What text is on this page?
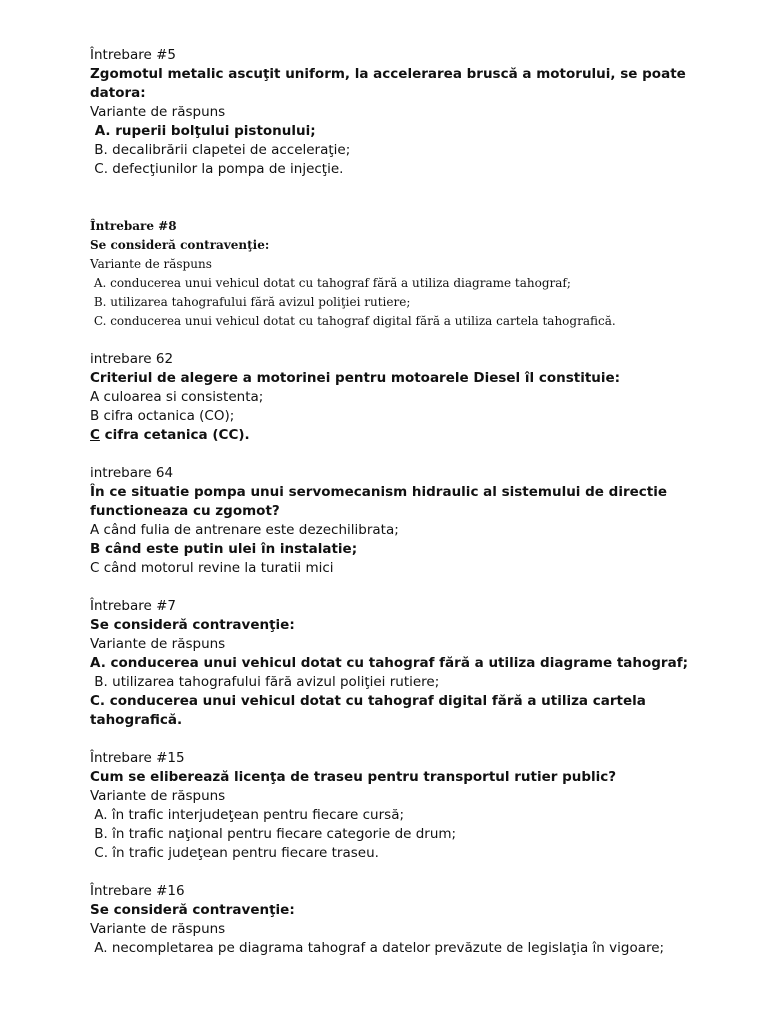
Întrebare #5
Zgomotul metalic ascuţit uniform, la accelerarea bruscă a motorului, se poate datora:
Variante de răspuns
A. ruperii bolţului pistonului;
B. decalibrării clapetei de acceleraţie;
C. defecţiunilor la pompa de injecţie.
Întrebare #8
Se consideră contravenţie:
Variante de răspuns
A. conducerea unui vehicul dotat cu tahograf fără a utiliza diagrame tahograf;
B. utilizarea tahografului fără avizul poliţiei rutiere;
C. conducerea unui vehicul dotat cu tahograf digital fără a utiliza cartela tahografică.
intrebare 62
Criteriul de alegere a motorinei pentru motoarele Diesel îl constituie:
A culoarea si consistenta;
B cifra octanica (CO);
C cifra cetanica (CC).
intrebare 64
În ce situatie pompa unui servomecanism hidraulic al sistemului de directie functioneaza cu zgomot?
A când fulia de antrenare este dezechilibrata;
B când este putin ulei în instalatie;
C când motorul revine la turatii mici
Întrebare #7
Se consideră contravenţie:
Variante de răspuns
A. conducerea unui vehicul dotat cu tahograf fără a utiliza diagrame tahograf;
B. utilizarea tahografului fără avizul poliţiei rutiere;
C. conducerea unui vehicul dotat cu tahograf digital fără a utiliza cartela tahografică.
Întrebare #15
Cum se eliberează licenţa de traseu pentru transportul rutier public?
Variante de răspuns
A. în trafic interjudeţean pentru fiecare cursă;
B. în trafic naţional pentru fiecare categorie de drum;
C. în trafic judeţean pentru fiecare traseu.
Întrebare #16
Se consideră contravenţie:
Variante de răspuns
A. necompletarea pe diagrama tahograf a datelor prevăzute de legislaţia în vigoare;
